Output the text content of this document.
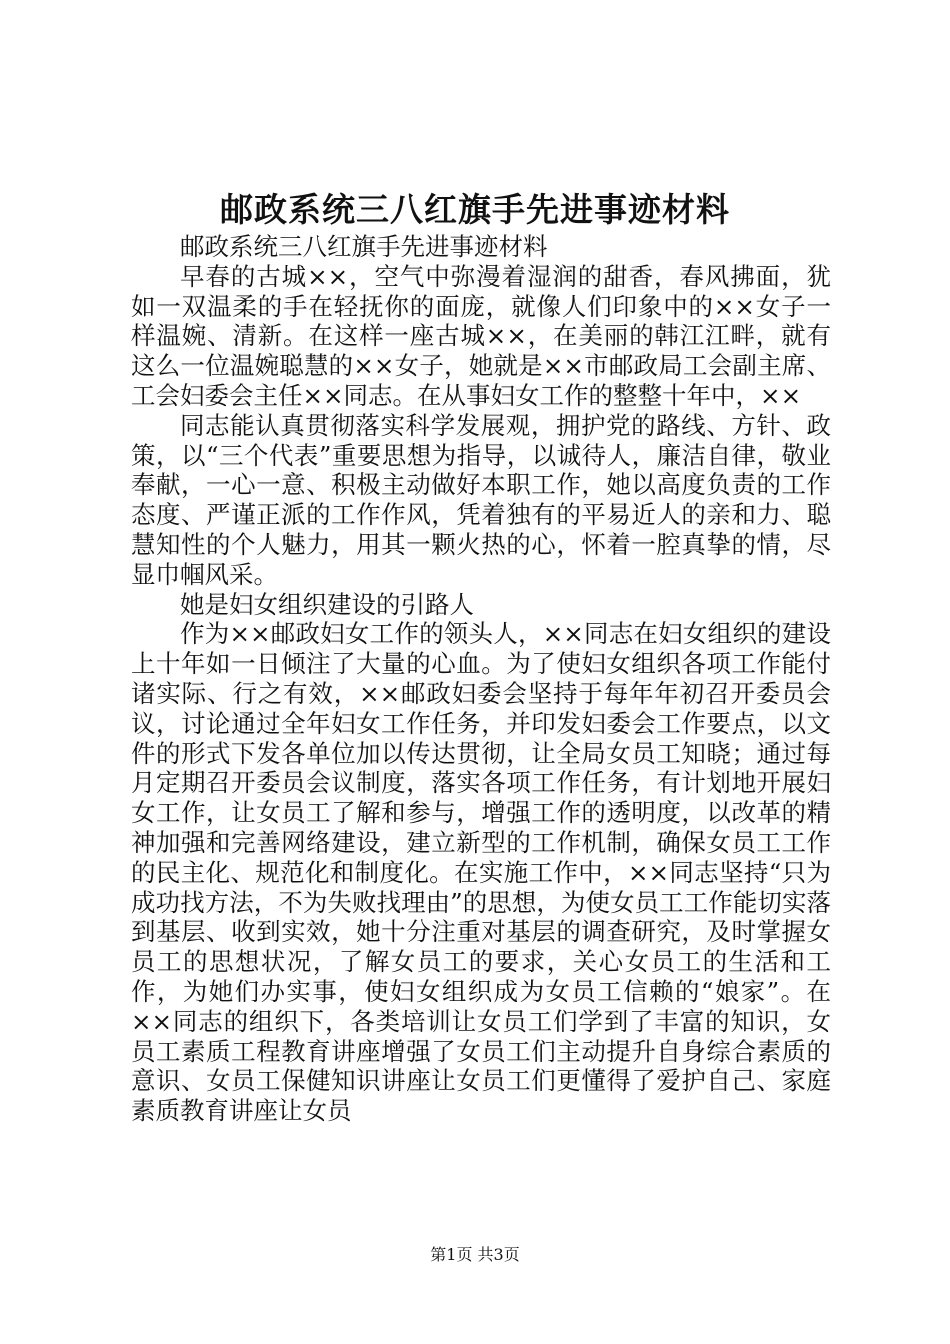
邮政系统三八红旗手先进事迹材料

邮政系统三八红旗手先进事迹材料

早春的古城××，空气中弥漫着湿润的甜香，春风拂面，犹如一双温柔的手在轻抚你的面庞，就像人们印象中的××女子一样温婉、清新。在这样一座古城××，在美丽的韩江江畔，就有这么一位温婉聪慧的××女子，她就是××市邮政局工会副主席、工会妇委会主任××同志。在从事妇女工作的整整十年中，××

同志能认真贯彻落实科学发展观，拥护党的路线、方针、政策，以“三个代表”重要思想为指导，以诚待人，廉洁自律，敬业奉献，一心一意、积极主动做好本职工作，她以高度负责的工作态度、严谨正派的工作作风，凭着独有的平易近人的亲和力、聪慧知性的个人魅力，用其一颗火热的心，怀着一腔真挚的情，尽显巾帼风采。

她是妇女组织建设的引路人

作为××邮政妇女工作的领头人，××同志在妇女组织的建设上十年如一日倾注了大量的心血。为了使妇女组织各项工作能付诸实际、行之有效，××邮政妇委会坚持于每年年初召开委员会议，讨论通过全年妇女工作任务，并印发妇委会工作要点，以文件的形式下发各单位加以传达贯彻，让全局女员工知晓；通过每月定期召开委员会议制度，落实各项工作任务，有计划地开展妇女工作，让女员工了解和参与，增强工作的透明度，以改革的精神加强和完善网络建设，建立新型的工作机制，确保女员工工作的民主化、规范化和制度化。在实施工作中，××同志坚持“只为成功找方法，不为失败找理由”的思想，为使女员工工作能切实落到基层、收到实效，她十分注重对基层的调查研究，及时掌握女员工的思想状况，了解女员工的要求，关心女员工的生活和工作，为她们办实事，使妇女组织成为女员工信赖的“娘家”。在××同志的组织下，各类培训让女员工们学到了丰富的知识，女员工素质工程教育讲座增强了女员工们主动提升自身综合素质的意识、女员工保健知识讲座让女员工们更懂得了爱护自己、家庭素质教育讲座让女员

第1页 共3页
